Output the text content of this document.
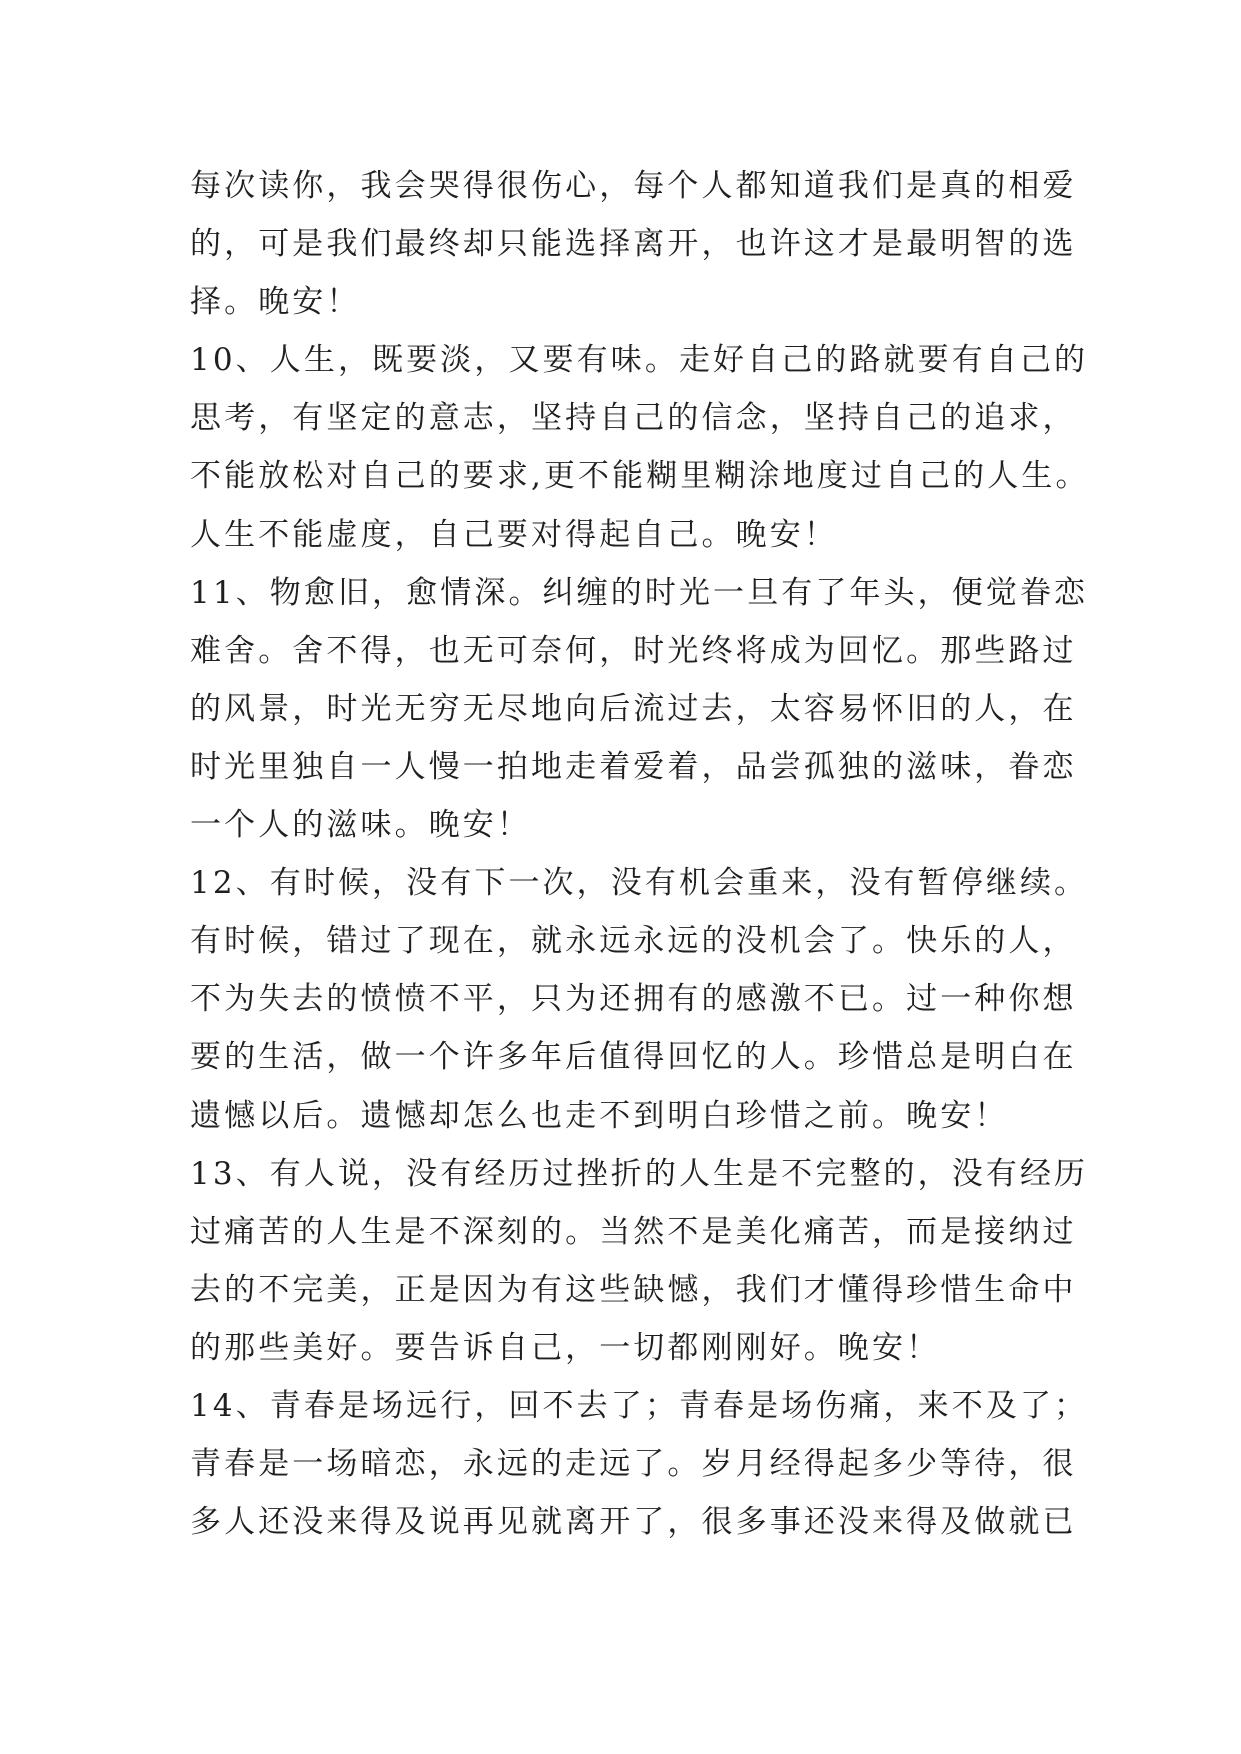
每次读你，我会哭得很伤心，每个人都知道我们是真的相爱
的，可是我们最终却只能选择离开，也许这才是最明智的选
择。晚安！
10、人生，既要淡，又要有味。走好自己的路就要有自己的
思考，有坚定的意志，坚持自己的信念，坚持自己的追求，
不能放松对自己的要求,更不能糊里糊涂地度过自己的人生。
人生不能虚度，自己要对得起自己。晚安！
11、物愈旧，愈情深。纠缠的时光一旦有了年头，便觉眷恋
难舍。舍不得，也无可奈何，时光终将成为回忆。那些路过
的风景，时光无穷无尽地向后流过去，太容易怀旧的人，在
时光里独自一人慢一拍地走着爱着，品尝孤独的滋味，眷恋
一个人的滋味。晚安！
12、有时候，没有下一次，没有机会重来，没有暂停继续。
有时候，错过了现在，就永远永远的没机会了。快乐的人，
不为失去的愤愤不平，只为还拥有的感激不已。过一种你想
要的生活，做一个许多年后值得回忆的人。珍惜总是明白在
遗憾以后。遗憾却怎么也走不到明白珍惜之前。晚安！
13、有人说，没有经历过挫折的人生是不完整的，没有经历
过痛苦的人生是不深刻的。当然不是美化痛苦，而是接纳过
去的不完美，正是因为有这些缺憾，我们才懂得珍惜生命中
的那些美好。要告诉自己，一切都刚刚好。晚安！
14、青春是场远行，回不去了；青春是场伤痛，来不及了；
青春是一场暗恋，永远的走远了。岁月经得起多少等待，很
多人还没来得及说再见就离开了，很多事还没来得及做就已
